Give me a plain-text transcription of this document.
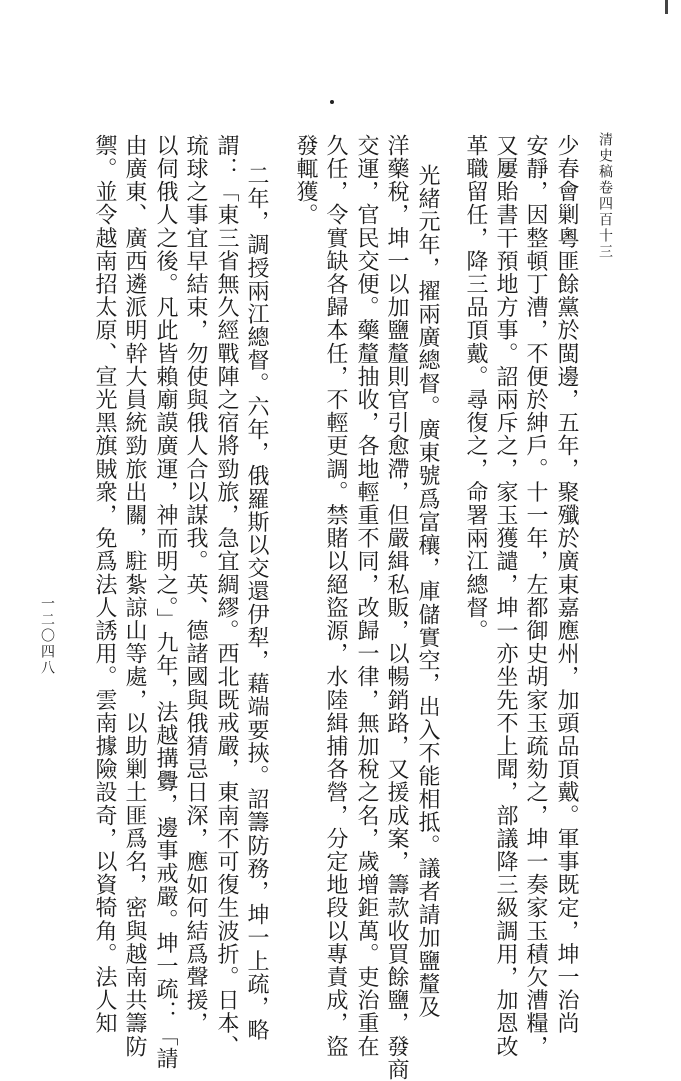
清史稿卷四百十三
一二〇四八	少春會剿粵匪餘黨於閩邊，五年，聚殲於廣東嘉應州，加頭品頂戴。軍事既定，坤一治尚
安靜，因整頓丁漕，不便於紳戶。十一年，左都御史胡家玉疏劾之，坤一奏家玉積欠漕糧，
又屢貽書干預地方事。詔兩斥之，家玉獲譴，坤一亦坐先不上聞，部議降三級調用，加恩改
革職留任，降三品頂戴。尋復之，命署兩江總督。
光緒元年，擢兩廣總督。廣東號爲富穰，庫儲實空，出入不能相抵。議者請加鹽釐及
洋藥稅，坤一以加鹽釐則官引愈滯，但嚴緝私販，以暢銷路，又援成案，籌款收買餘鹽，發商
交運，官民交便。藥釐抽收，各地輕重不同，改歸一律，無加稅之名，歲增鉅萬。吏治重在
久任，令實缺各歸本任，不輕更調。禁賭以絕盜源，水陸緝捕各營，分定地段以專責成，盜
發輒獲。
二年，調授兩江總督。六年，俄羅斯以交還伊犁，藉端要挾。詔籌防務，坤一上疏，略
謂：「東三省無久經戰陣之宿將勁旅，急宜綢繆。西北既戒嚴，東南不可復生波折。日本、
琉球之事宜早結束，勿使與俄人合以謀我。英、德諸國與俄猜忌日深，應如何結爲聲援，
以伺俄人之後。凡此皆賴廟謨廣運，神而明之。」九年，法越搆釁，邊事戒嚴。坤一疏：「請
由廣東、廣西遴派明幹大員統勁旅出關，駐紮諒山等處，以助剿土匪爲名，密與越南共籌防
禦。並令越南招太原、宣光黑旗賊衆，免爲法人誘用。雲南據險設奇，以資犄角。法人知
